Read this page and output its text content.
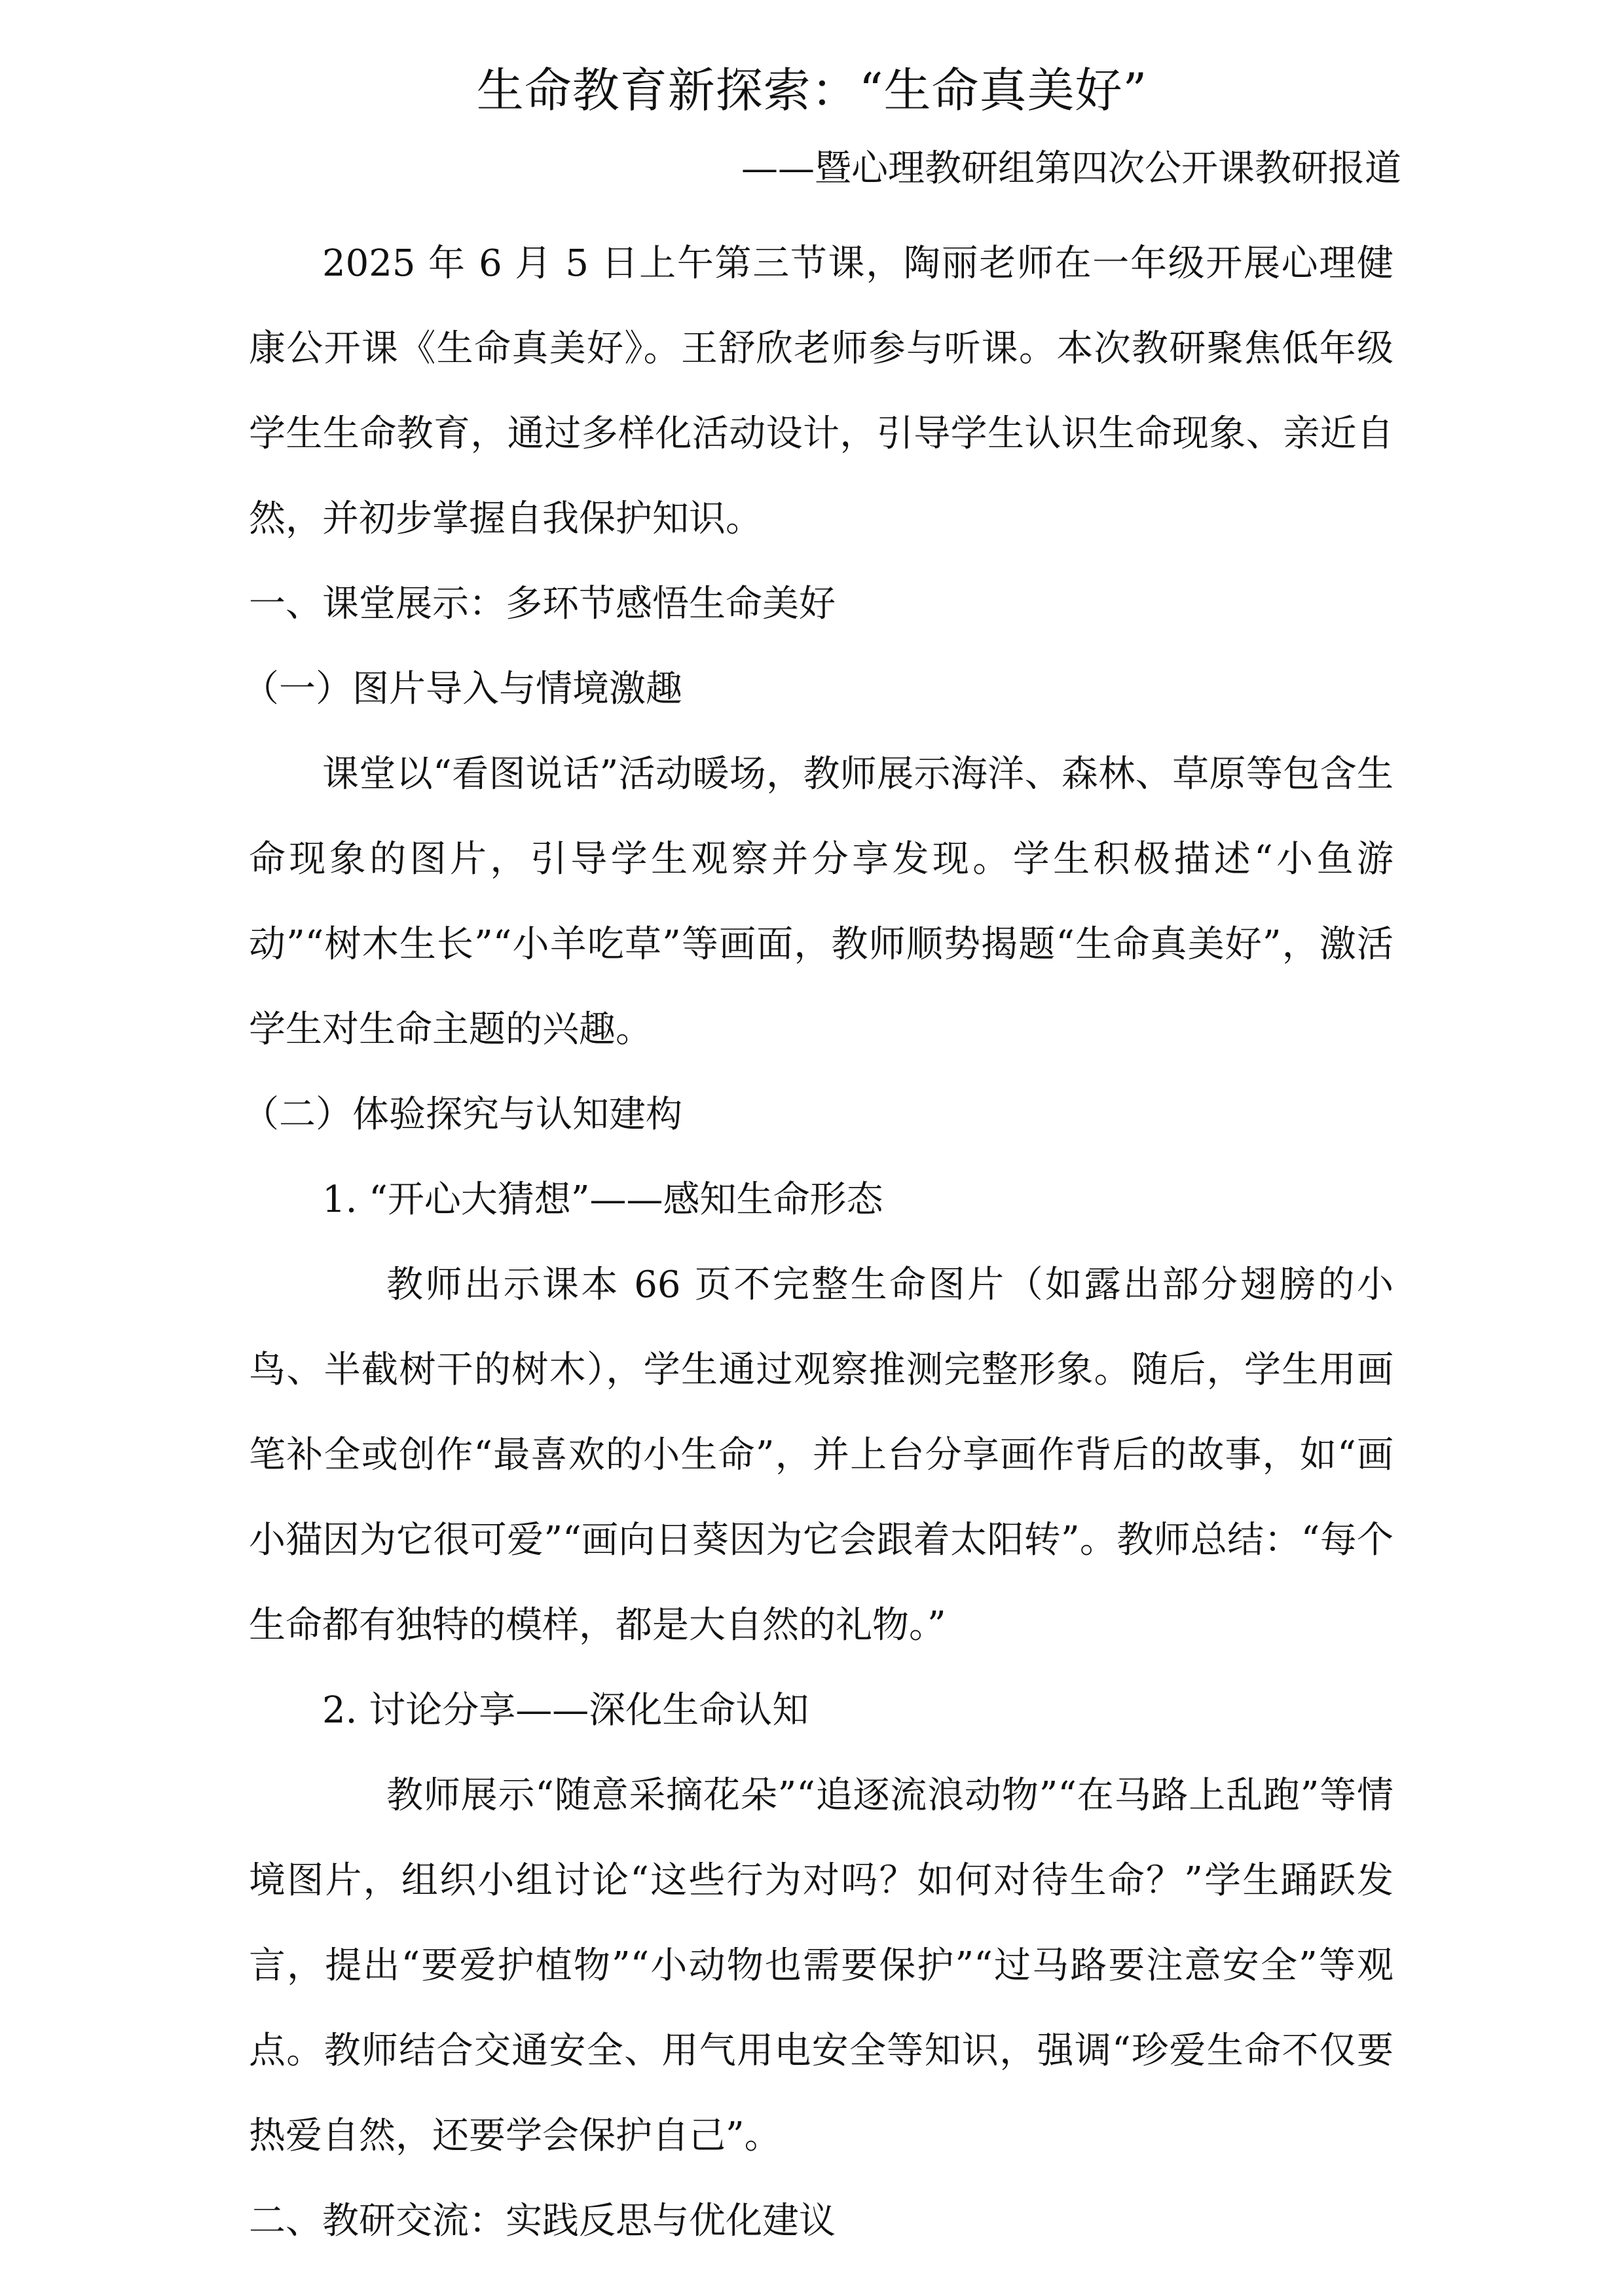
生命教育新探索：“生命真美好”

——暨心理教研组第四次公开课教研报道

2025 年 6 月 5 日上午第三节课，陶丽老师在一年级开展心理健康公开课《生命真美好》。王舒欣老师参与听课。本次教研聚焦低年级学生生命教育，通过多样化活动设计，引导学生认识生命现象、亲近自然，并初步掌握自我保护知识。

一、课堂展示：多环节感悟生命美好

（一）图片导入与情境激趣

课堂以“看图说话”活动暖场，教师展示海洋、森林、草原等包含生命现象的图片，引导学生观察并分享发现。学生积极描述“小鱼游动”“树木生长”“小羊吃草”等画面，教师顺势揭题“生命真美好”，激活学生对生命主题的兴趣。

（二）体验探究与认知建构

1. “开心大猜想”——感知生命形态

教师出示课本 66 页不完整生命图片（如露出部分翅膀的小鸟、半截树干的树木），学生通过观察推测完整形象。随后，学生用画笔补全或创作“最喜欢的小生命”，并上台分享画作背后的故事，如“画小猫因为它很可爱”“画向日葵因为它会跟着太阳转”。教师总结：“每个生命都有独特的模样，都是大自然的礼物。”

2. 讨论分享——深化生命认知

教师展示“随意采摘花朵”“追逐流浪动物”“在马路上乱跑”等情境图片，组织小组讨论“这些行为对吗？如何对待生命？”学生踊跃发言，提出“要爱护植物”“小动物也需要保护”“过马路要注意安全”等观点。教师结合交通安全、用气用电安全等知识，强调“珍爱生命不仅要热爱自然，还要学会保护自己”。

二、教研交流：实践反思与优化建议
